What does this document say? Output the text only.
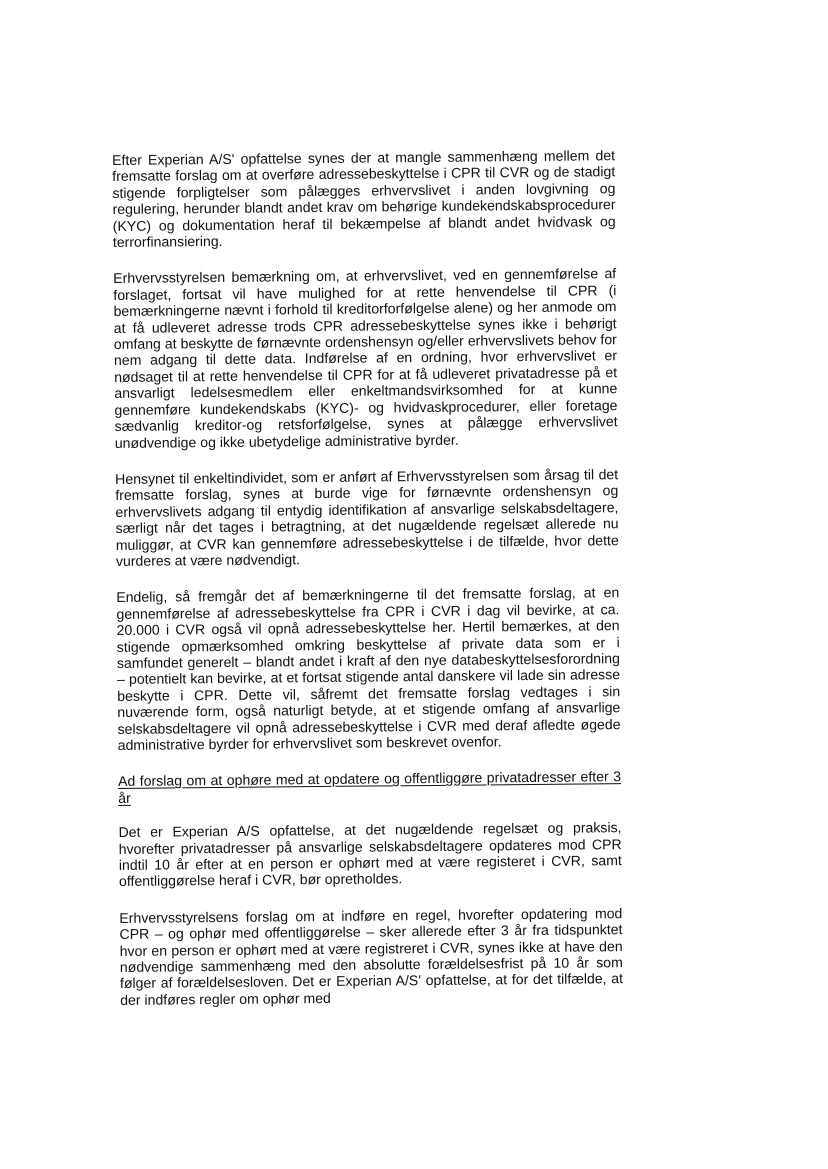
Efter Experian A/S' opfattelse synes der at mangle sammenhæng mellem det fremsatte forslag om at overføre adressebeskyttelse i CPR til CVR og de stadigt stigende forpligtelser som pålægges erhvervslivet i anden lovgivning og regulering, herunder blandt andet krav om behørige kundekendskabsprocedurer (KYC) og dokumentation heraf til bekæmpelse af blandt andet hvidvask og terrorfinansiering.

Erhvervsstyrelsen bemærkning om, at erhvervslivet, ved en gennemførelse af forslaget, fortsat vil have mulighed for at rette henvendelse til CPR (i bemærkningerne nævnt i forhold til kreditorforfølgelse alene) og her anmode om at få udleveret adresse trods CPR adressebeskyttelse synes ikke i behørigt omfang at beskytte de førnævnte ordenshensyn og/eller erhvervslivets behov for nem adgang til dette data. Indførelse af en ordning, hvor erhvervslivet er nødsaget til at rette henvendelse til CPR for at få udleveret privatadresse på et ansvarligt ledelsesmedlem eller enkeltmandsvirksomhed for at kunne gennemføre kundekendskabs (KYC)- og hvidvaskprocedurer, eller foretage sædvanlig kreditor-og retsforfølgelse, synes at pålægge erhvervslivet unødvendige og ikke ubetydelige administrative byrder.

Hensynet til enkeltindividet, som er anført af Erhvervsstyrelsen som årsag til det fremsatte forslag, synes at burde vige for førnævnte ordenshensyn og erhvervslivets adgang til entydig identifikation af ansvarlige selskabsdeltagere, særligt når det tages i betragtning, at det nugældende regelsæt allerede nu muliggør, at CVR kan gennemføre adressebeskyttelse i de tilfælde, hvor dette vurderes at være nødvendigt.

Endelig, så fremgår det af bemærkningerne til det fremsatte forslag, at en gennemførelse af adressebeskyttelse fra CPR i CVR i dag vil bevirke, at ca. 20.000 i CVR også vil opnå adressebeskyttelse her. Hertil bemærkes, at den stigende opmærksomhed omkring beskyttelse af private data som er i samfundet generelt – blandt andet i kraft af den nye databeskyttelsesforordning – potentielt kan bevirke, at et fortsat stigende antal danskere vil lade sin adresse beskytte i CPR. Dette vil, såfremt det fremsatte forslag vedtages i sin nuværende form, også naturligt betyde, at et stigende omfang af ansvarlige selskabsdeltagere vil opnå adressebeskyttelse i CVR med deraf afledte øgede administrative byrder for erhvervslivet som beskrevet ovenfor.

Ad forslag om at ophøre med at opdatere og offentliggøre privatadresser efter 3 år

Det er Experian A/S opfattelse, at det nugældende regelsæt og praksis, hvorefter privatadresser på ansvarlige selskabsdeltagere opdateres mod CPR indtil 10 år efter at en person er ophørt med at være registeret i CVR, samt offentliggørelse heraf i CVR, bør opretholdes.

Erhvervsstyrelsens forslag om at indføre en regel, hvorefter opdatering mod CPR – og ophør med offentliggørelse – sker allerede efter 3 år fra tidspunktet hvor en person er ophørt med at være registreret i CVR, synes ikke at have den nødvendige sammenhæng med den absolutte forældelsesfrist på 10 år som følger af forældelsesloven. Det er Experian A/S' opfattelse, at for det tilfælde, at der indføres regler om ophør med
